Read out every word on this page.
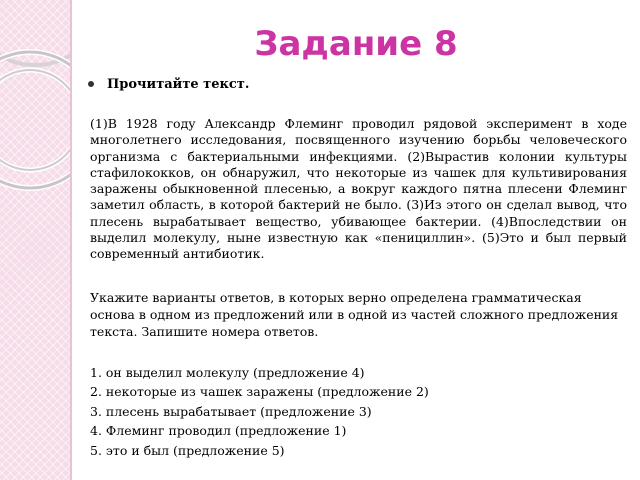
Задание 8
Прочитайте текст.

(1)В 1928 году Александр Флеминг проводил рядовой эксперимент в ходе многолетнего исследования, посвященного изучению борьбы человеческого организма с бактериальными инфекциями. (2)Вырастив колонии культуры стафилококков, он обнаружил, что некоторые из чашек для культивирования заражены обыкновенной плесенью, а вокруг каждого пятна плесени Флеминг заметил область, в которой бактерий не было. (3)Из этого он сделал вывод, что плесень вырабатывает вещество, убивающее бактерии. (4)Впоследствии он выделил молекулу, ныне известную как «пенициллин». (5)Это и был первый современный антибиотик.

Укажите варианты ответов, в которых верно определена грамматическая основа в одном из предложений или в одной из частей сложного предложения текста. Запишите номера ответов.

1. он выделил молекулу (предложение 4)
2. некоторые из чашек заражены (предложение 2)
3. плесень вырабатывает (предложение 3)
4. Флеминг проводил (предложение 1)
5. это и был (предложение 5)
